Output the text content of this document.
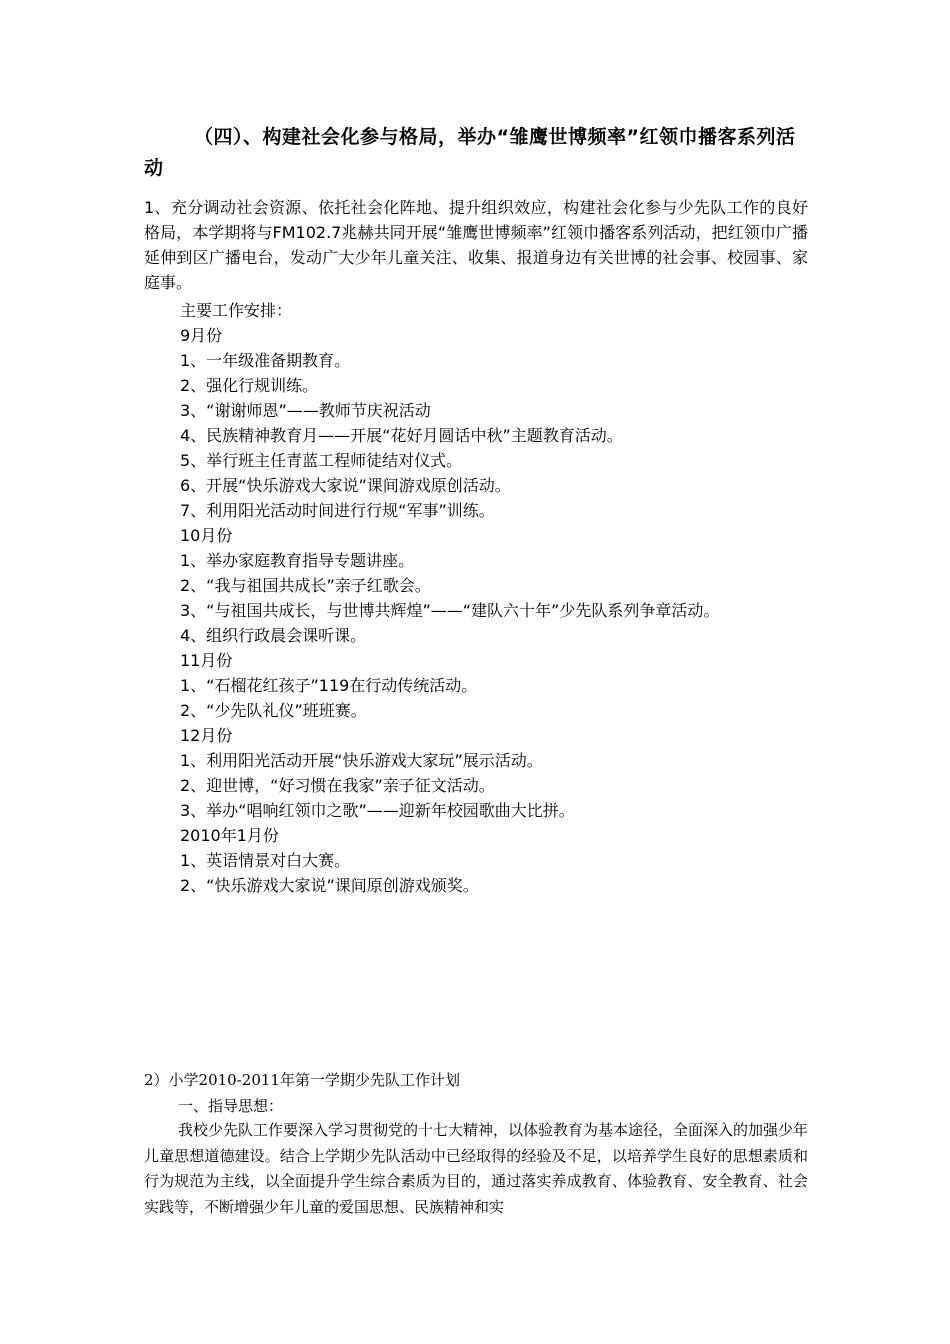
（四）、构建社会化参与格局，举办“雏鹰世博频率”红领巾播客系列活动

1、充分调动社会资源、依托社会化阵地、提升组织效应，构建社会化参与少先队工作的良好格局，本学期将与FM102.7兆赫共同开展“雏鹰世博频率”红领巾播客系列活动，把红领巾广播延伸到区广播电台，发动广大少年儿童关注、收集、报道身边有关世博的社会事、校园事、家庭事。

主要工作安排：
9月份
1、一年级准备期教育。
2、强化行规训练。
3、“谢谢师恩”——教师节庆祝活动
4、民族精神教育月——开展“花好月圆话中秋”主题教育活动。
5、举行班主任青蓝工程师徒结对仪式。
6、开展“快乐游戏大家说”课间游戏原创活动。
7、利用阳光活动时间进行行规“军事”训练。
10月份
1、举办家庭教育指导专题讲座。
2、“我与祖国共成长”亲子红歌会。
3、“与祖国共成长，与世博共辉煌”——“建队六十年”少先队系列争章活动。
4、组织行政晨会课听课。
11月份
1、“石榴花红孩子”119在行动传统活动。
2、“少先队礼仪”班班赛。
12月份
1、利用阳光活动开展“快乐游戏大家玩”展示活动。
2、迎世博，“好习惯在我家”亲子征文活动。
3、举办“唱响红领巾之歌”——迎新年校园歌曲大比拼。
2010年1月份
1、英语情景对白大赛。
2、“快乐游戏大家说”课间原创游戏颁奖。

2）小学2010-2011年第一学期少先队工作计划

一、指导思想：

我校少先队工作要深入学习贯彻党的十七大精神，以体验教育为基本途径，全面深入的加强少年儿童思想道德建设。结合上学期少先队活动中已经取得的经验及不足，以培养学生良好的思想素质和行为规范为主线，以全面提升学生综合素质为目的，通过落实养成教育、体验教育、安全教育、社会实践等，不断增强少年儿童的爱国思想、民族精神和实
